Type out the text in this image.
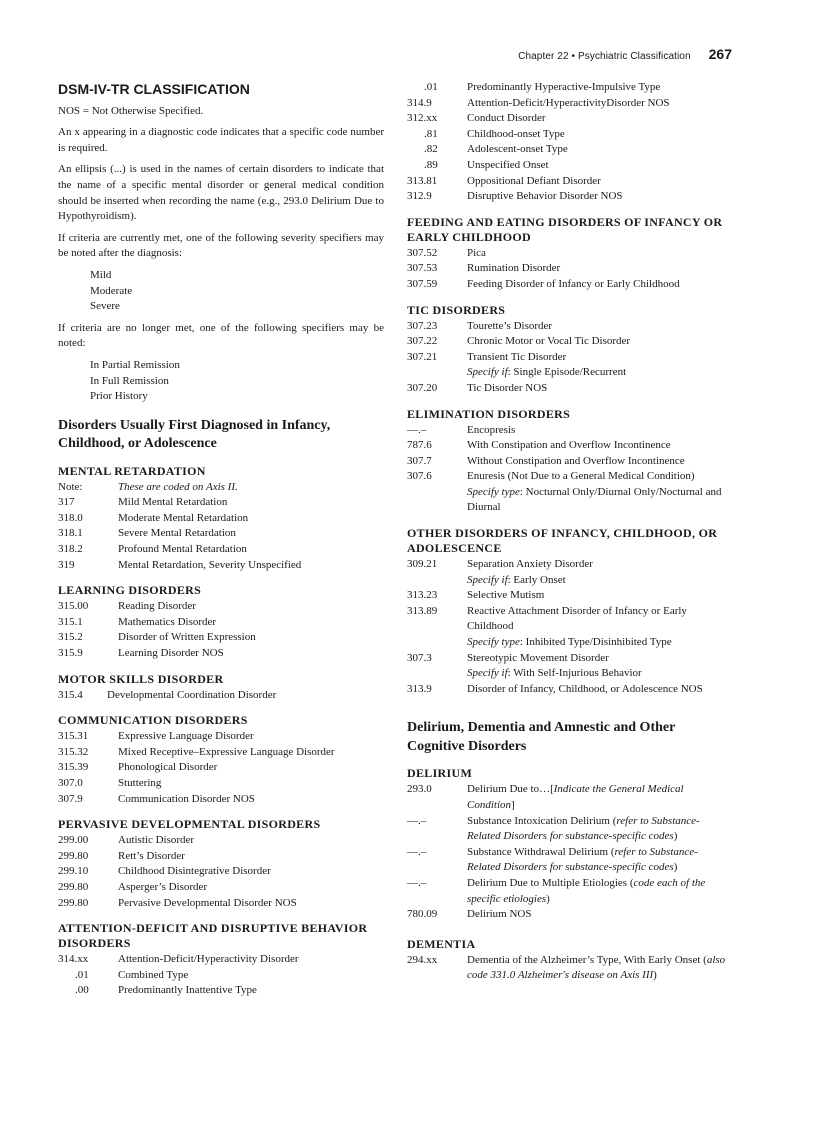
Chapter 22 • Psychiatric Classification 267
DSM-IV-TR CLASSIFICATION

NOS = Not Otherwise Specified.

An x appearing in a diagnostic code indicates that a specific code number is required.

An ellipsis (...) is used in the names of certain disorders to indicate that the name of a specific mental disorder or general medical condition should be inserted when recording the name (e.g., 293.0 Delirium Due to Hypothyroidism).

If criteria are currently met, one of the following severity specifiers may be noted after the diagnosis:

Mild
Moderate
Severe

If criteria are no longer met, one of the following specifiers may be noted:

In Partial Remission
In Full Remission
Prior History
Disorders Usually First Diagnosed in Infancy, Childhood, or Adolescence
MENTAL RETARDATION
Note:	These are coded on Axis II.
317	Mild Mental Retardation
318.0	Moderate Mental Retardation
318.1	Severe Mental Retardation
318.2	Profound Mental Retardation
319	Mental Retardation, Severity Unspecified
LEARNING DISORDERS
315.00	Reading Disorder
315.1	Mathematics Disorder
315.2	Disorder of Written Expression
315.9	Learning Disorder NOS
MOTOR SKILLS DISORDER
315.4	Developmental Coordination Disorder
COMMUNICATION DISORDERS
315.31	Expressive Language Disorder
315.32	Mixed Receptive–Expressive Language Disorder
315.39	Phonological Disorder
307.0	Stuttering
307.9	Communication Disorder NOS
PERVASIVE DEVELOPMENTAL DISORDERS
299.00	Autistic Disorder
299.80	Rett’s Disorder
299.10	Childhood Disintegrative Disorder
299.80	Asperger’s Disorder
299.80	Pervasive Developmental Disorder NOS
ATTENTION-DEFICIT AND DISRUPTIVE BEHAVIOR DISORDERS
314.xx	Attention-Deficit/Hyperactivity Disorder
.01	Combined Type
.00	Predominantly Inattentive Type
.01	Predominantly Hyperactive-Impulsive Type
314.9	Attention-Deficit/HyperactivityDisorder NOS
312.xx	Conduct Disorder
.81	Childhood-onset Type
.82	Adolescent-onset Type
.89	Unspecified Onset
313.81	Oppositional Defiant Disorder
312.9	Disruptive Behavior Disorder NOS
FEEDING AND EATING DISORDERS OF INFANCY OR EARLY CHILDHOOD
307.52	Pica
307.53	Rumination Disorder
307.59	Feeding Disorder of Infancy or Early Childhood
TIC DISORDERS
307.23	Tourette’s Disorder
307.22	Chronic Motor or Vocal Tic Disorder
307.21	Transient Tic Disorder
Specify if: Single Episode/Recurrent
307.20	Tic Disorder NOS
ELIMINATION DISORDERS
—.–	Encopresis
787.6	With Constipation and Overflow Incontinence
307.7	Without Constipation and Overflow Incontinence
307.6	Enuresis (Not Due to a General Medical Condition)
Specify type: Nocturnal Only/Diurnal Only/Nocturnal and Diurnal
OTHER DISORDERS OF INFANCY, CHILDHOOD, OR ADOLESCENCE
309.21	Separation Anxiety Disorder
Specify if: Early Onset
313.23	Selective Mutism
313.89	Reactive Attachment Disorder of Infancy or Early Childhood
Specify type: Inhibited Type/Disinhibited Type
307.3	Stereotypic Movement Disorder
Specify if: With Self-Injurious Behavior
313.9	Disorder of Infancy, Childhood, or Adolescence NOS
Delirium, Dementia and Amnestic and Other Cognitive Disorders
DELIRIUM
293.0	Delirium Due to…[Indicate the General Medical Condition]
—.–	Substance Intoxication Delirium (refer to Substance-Related Disorders for substance-specific codes)
—.–	Substance Withdrawal Delirium (refer to Substance-Related Disorders for substance-specific codes)
—.–	Delirium Due to Multiple Etiologies (code each of the specific etiologies)
780.09	Delirium NOS
DEMENTIA
294.xx	Dementia of the Alzheimer’s Type, With Early Onset (also code 331.0 Alzheimer's disease on Axis III)
